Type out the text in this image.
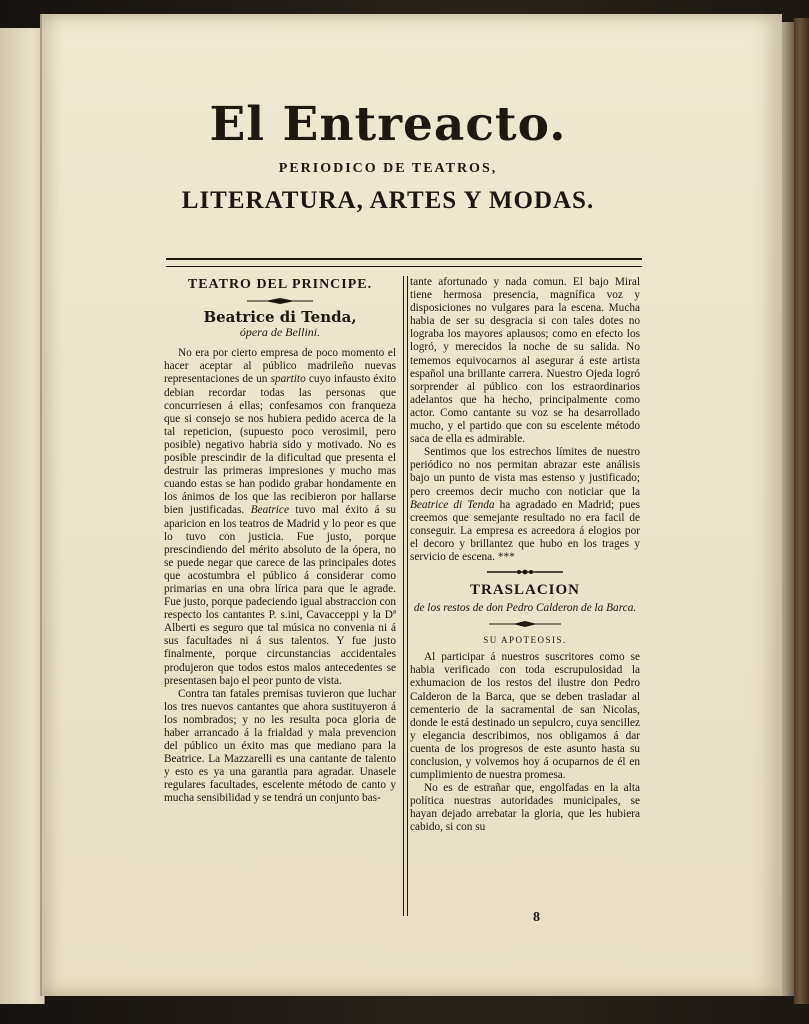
El Entreacto.
PERIODICO DE TEATROS,
LITERATURA, ARTES Y MODAS.
TEATRO DEL PRINCIPE.
Beatrice di Tenda,
ópera de Bellini.

No era por cierto empresa de poco momento el hacer aceptar al público madrileño nuevas representaciones de un spartito cuyo infausto éxito debian recordar todas las personas que concurriesen á ellas; confesamos con franqueza que si consejo se nos hubiera pedido acerca de la tal repeticion, (supuesto poco verosimil, pero posible) negativo habria sido y motivado. No es posible prescindir de la dificultad que presenta el destruir las primeras impresiones y mucho mas cuando estas se han podido grabar hondamente en los ánimos de los que las recibieron por hallarse bien justificadas. Beatrice tuvo mal éxito á su aparicion en los teatros de Madrid y lo peor es que lo tuvo con justicia. Fue justo, porque prescindiendo del mérito absoluto de la ópera, no se puede negar que carece de las principales dotes que acostumbra el público á considerar como primarias en una obra lírica para que le agrade. Fue justo, porque padeciendo igual abstraccion con respecto los cantantes P. s.ini, Cavacceppi y la Dª Alberti es seguro que tal música no convenia ni á sus facultades ni á sus talentos. Y fue justo finalmente, porque circunstancias accidentales produjeron que todos estos malos antecedentes se presentasen bajo el peor punto de vista.

Contra tan fatales premisas tuvieron que luchar los tres nuevos cantantes que ahora sustituyeron á los nombrados; y no les resulta poca gloria de haber arrancado á la frialdad y mala prevencion del público un éxito mas que mediano para la Beatrice. La Mazzarelli es una cantante de talento y esto es ya una garantia para agradar. Unasele regulares facultades, escelente método de canto y mucha sensibilidad y se tendrá un conjunto bas-

tante afortunado y nada comun. El bajo Miral tiene hermosa presencia, magnífica voz y disposiciones no vulgares para la escena. Mucha habia de ser su desgracia si con tales dotes no lograba los mayores aplausos; como en efecto los logró, y merecidos la noche de su salida. No tememos equivocarnos al asegurar á este artista español una brillante carrera. Nuestro Ojeda logró sorprender al público con los estraordinarios adelantos que ha hecho, principalmente como actor. Como cantante su voz se ha desarrollado mucho, y el partido que con su escelente método saca de ella es admirable.

Sentimos que los estrechos límites de nuestro periódico no nos permitan abrazar este análisis bajo un punto de vista mas estenso y justificado; pero creemos decir mucho con noticiar que la Beatrice di Tenda ha agradado en Madrid; pues creemos que semejante resultado no era facil de conseguir. La empresa es acreedora á elogios por el decoro y brillantez que hubo en los trages y servicio de escena. ***

TRASLACION
de los restos de don Pedro Calderon de la Barca.
SU APOTEOSIS.

Al participar á nuestros suscritores como se habia verificado con toda escrupulosidad la exhumacion de los restos del ilustre don Pedro Calderon de la Barca, que se deben trasladar al cementerio de la sacramental de san Nicolas, donde le está destinado un sepulcro, cuya sencillez y elegancia describimos, nos obligamos á dar cuenta de los progresos de este asunto hasta su conclusion, y volvemos hoy á ocuparnos de él en cumplimiento de nuestra promesa.

No es de estrañar que, engolfadas en la alta política nuestras autoridades municipales, se hayan dejado arrebatar la gloria, que les hubiera cabido, si con su

8
